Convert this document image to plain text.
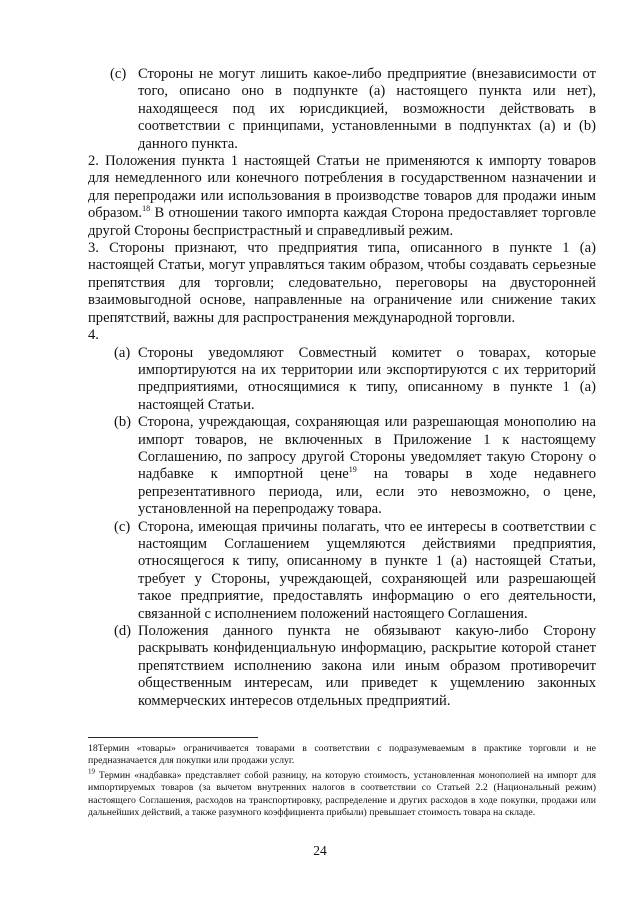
(c) Стороны не могут лишить какое-либо предприятие (внезависимости от того, описано оно в подпункте (а) настоящего пункта или нет), находящееся под их юрисдикцией, возможности действовать в соответствии с принципами, установленными в подпунктах (а) и (b) данного пункта.

2. Положения пункта 1 настоящей Статьи не применяются к импорту товаров для немедленного или конечного потребления в государственном назначении и для перепродажи или использования в производстве товаров для продажи иным образом.$^{18}$ В отношении такого импорта каждая Сторона предоставляет торговле другой Стороны беспристрастный и справедливый режим.

3. Стороны признают, что предприятия типа, описанного в пункте 1 (а) настоящей Статьи, могут управляться таким образом, чтобы создавать серьезные препятствия для торговли; следовательно, переговоры на двусторонней взаимовыгодной основе, направленные на ограничение или снижение таких препятствий, важны для распространения международной торговли.

4.

(a) Стороны уведомляют Совместный комитет о товарах, которые импортируются на их территории или экспортируются с их территорий предприятиями, относящимися к типу, описанному в пункте 1 (а) настоящей Статьи.
(b) Сторона, учреждающая, сохраняющая или разрешающая монополию на импорт товаров, не включенных в Приложение 1 к настоящему Соглашению, по запросу другой Стороны уведомляет такую Сторону о надбавке к импортной цене$^{19}$ на товары в ходе недавнего репрезентативного периода, или, если это невозможно, о цене, установленной на перепродажу товара.
(c) Сторона, имеющая причины полагать, что ее интересы в соответствии с настоящим Соглашением ущемляются действиями предприятия, относящегося к типу, описанному в пункте 1 (а) настоящей Статьи, требует у Стороны, учреждающей, сохраняющей или разрешающей такое предприятие, предоставлять информацию о его деятельности, связанной с исполнением положений настоящего Соглашения.
(d) Положения данного пункта не обязывают какую-либо Сторону раскрывать конфиденциальную информацию, раскрытие которой станет препятствием исполнению закона или иным образом противоречит общественным интересам, или приведет к ущемлению законных коммерческих интересов отдельных предприятий.

18Термин «товары» ограничивается товарами в соответствии с подразумеваемым в практике торговли и не предназначается для покупки или продажи услуг.

$^{19}$ Термин «надбавка» представляет собой разницу, на которую стоимость, установленная монополией на импорт для импортируемых товаров (за вычетом внутренних налогов в соответствии со Статьей 2.2 (Национальный режим) настоящего Соглашения, расходов на транспортировку, распределение и других расходов в ходе покупки, продажи или дальнейших действий, а также разумного коэффициента прибыли) превышает стоимость товара на складе.

24
